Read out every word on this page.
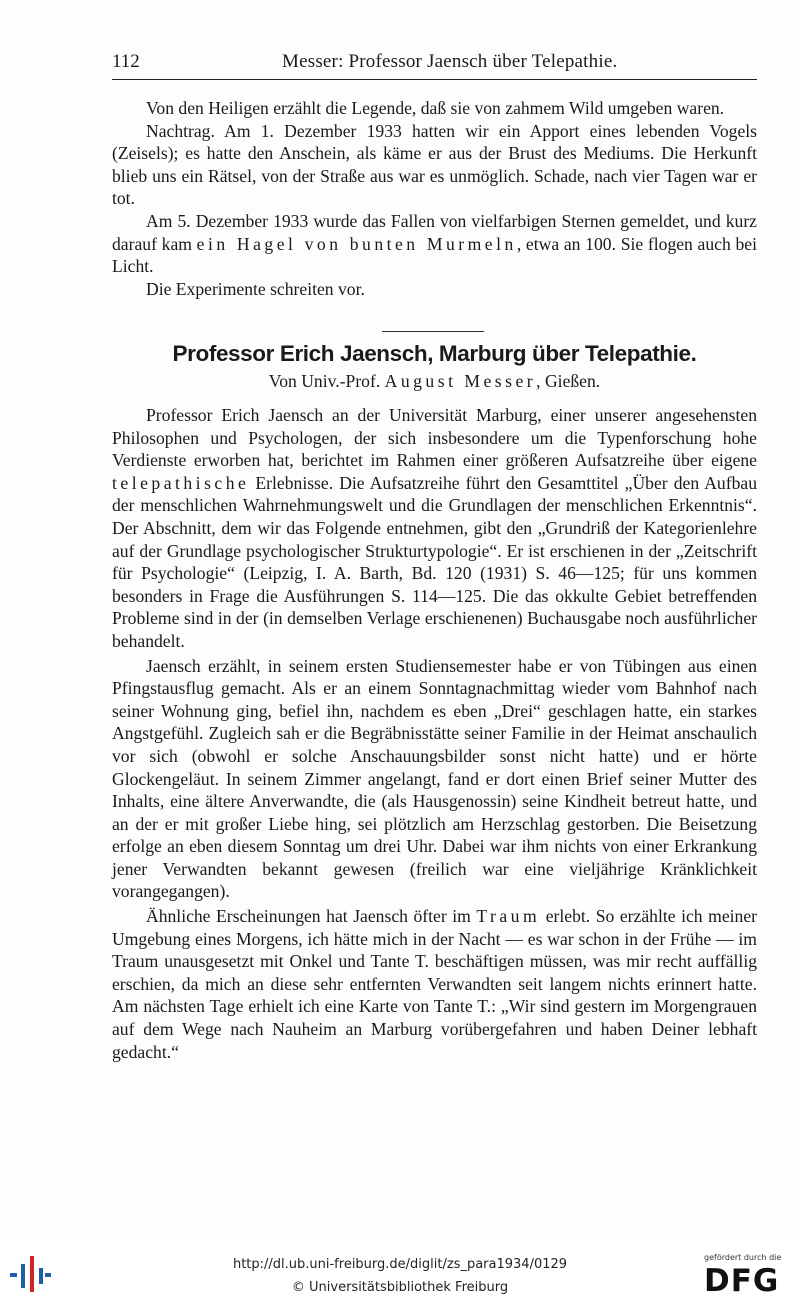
112	Messer: Professor Jaensch über Telepathie.

Von den Heiligen erzählt die Legende, daß sie von zahmem Wild umgeben waren.

Nachtrag. Am 1. Dezember 1933 hatten wir ein Apport eines lebenden Vogels (Zeisels); es hatte den Anschein, als käme er aus der Brust des Mediums. Die Herkunft blieb uns ein Rätsel, von der Straße aus war es unmöglich. Schade, nach vier Tagen war er tot.

Am 5. Dezember 1933 wurde das Fallen von vielfarbigen Sternen gemeldet, und kurz darauf kam ein Hagel von bunten Murmeln, etwa an 100. Sie flogen auch bei Licht.

Die Experimente schreiten vor.

Professor Erich Jaensch, Marburg über Telepathie.
Von Univ.-Prof. August Messer, Gießen.

Professor Erich Jaensch an der Universität Marburg, einer unserer angesehensten Philosophen und Psychologen, der sich insbesondere um die Typenforschung hohe Verdienste erworben hat, berichtet im Rahmen einer größeren Aufsatzreihe über eigene telepathische Erlebnisse. Die Aufsatzreihe führt den Gesamttitel „Über den Aufbau der menschlichen Wahrnehmungswelt und die Grundlagen der menschlichen Erkenntnis“. Der Abschnitt, dem wir das Folgende entnehmen, gibt den „Grundriß der Kategorienlehre auf der Grundlage psychologischer Strukturtypologie“. Er ist erschienen in der „Zeitschrift für Psychologie“ (Leipzig, I. A. Barth, Bd. 120 (1931) S. 46—125; für uns kommen besonders in Frage die Ausführungen S. 114—125. Die das okkulte Gebiet betreffenden Probleme sind in der (in demselben Verlage erschienenen) Buchausgabe noch ausführlicher behandelt.

Jaensch erzählt, in seinem ersten Studiensemester habe er von Tübingen aus einen Pfingstausflug gemacht. Als er an einem Sonntagnachmittag wieder vom Bahnhof nach seiner Wohnung ging, befiel ihn, nachdem es eben „Drei“ geschlagen hatte, ein starkes Angstgefühl. Zugleich sah er die Begräbnisstätte seiner Familie in der Heimat anschaulich vor sich (obwohl er solche Anschauungsbilder sonst nicht hatte) und er hörte Glockengeläut. In seinem Zimmer angelangt, fand er dort einen Brief seiner Mutter des Inhalts, eine ältere Anverwandte, die (als Hausgenossin) seine Kindheit betreut hatte, und an der er mit großer Liebe hing, sei plötzlich am Herzschlag gestorben. Die Beisetzung erfolge an eben diesem Sonntag um drei Uhr. Dabei war ihm nichts von einer Erkrankung jener Verwandten bekannt gewesen (freilich war eine vieljährige Kränklichkeit vorangegangen).

Ähnliche Erscheinungen hat Jaensch öfter im Traum erlebt. So erzählte ich meiner Umgebung eines Morgens, ich hätte mich in der Nacht — es war schon in der Frühe — im Traum unausgesetzt mit Onkel und Tante T. beschäftigen müssen, was mir recht auffällig erschien, da mich an diese sehr entfernten Verwandten seit langem nichts erinnert hatte. Am nächsten Tage erhielt ich eine Karte von Tante T.: „Wir sind gestern im Morgengrauen auf dem Wege nach Nauheim an Marburg vorübergefahren und haben Deiner lebhaft gedacht.“

http://dl.ub.uni-freiburg.de/diglit/zs_para1934/0129
© Universitätsbibliothek Freiburg
gefördert durch die
DFG
